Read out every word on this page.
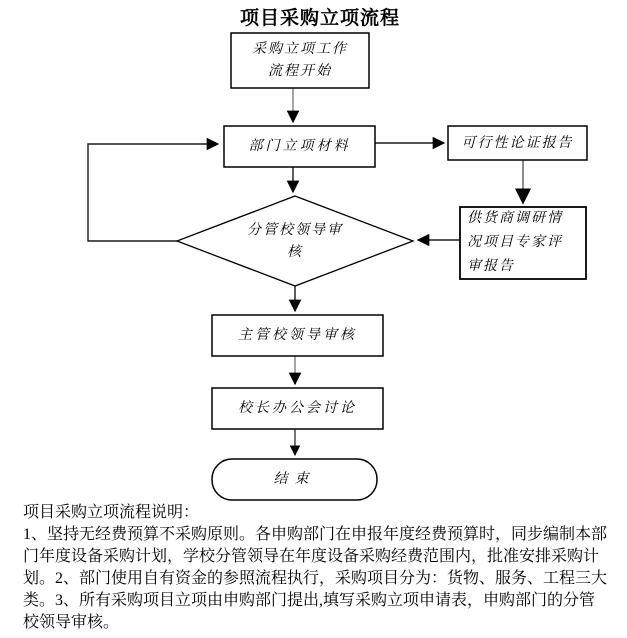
项目采购立项流程
采购立项工作
流程开始
部门立项材料	可行性论证报告
供货商调研情
况项目专家评
审报告
分管校领导审
核
主管校领导审核
校长办公会讨论
结束
项目采购立项流程说明：
1、坚持无经费预算不采购原则。各申购部门在申报年度经费预算时，同步编制本部
门年度设备采购计划，学校分管领导在年度设备采购经费范围内，批准安排采购计
划。2、部门使用自有资金的参照流程执行，采购项目分为：货物、服务、工程三大
类。3、所有采购项目立项由申购部门提出,填写采购立项申请表，申购部门的分管
校领导审核。
